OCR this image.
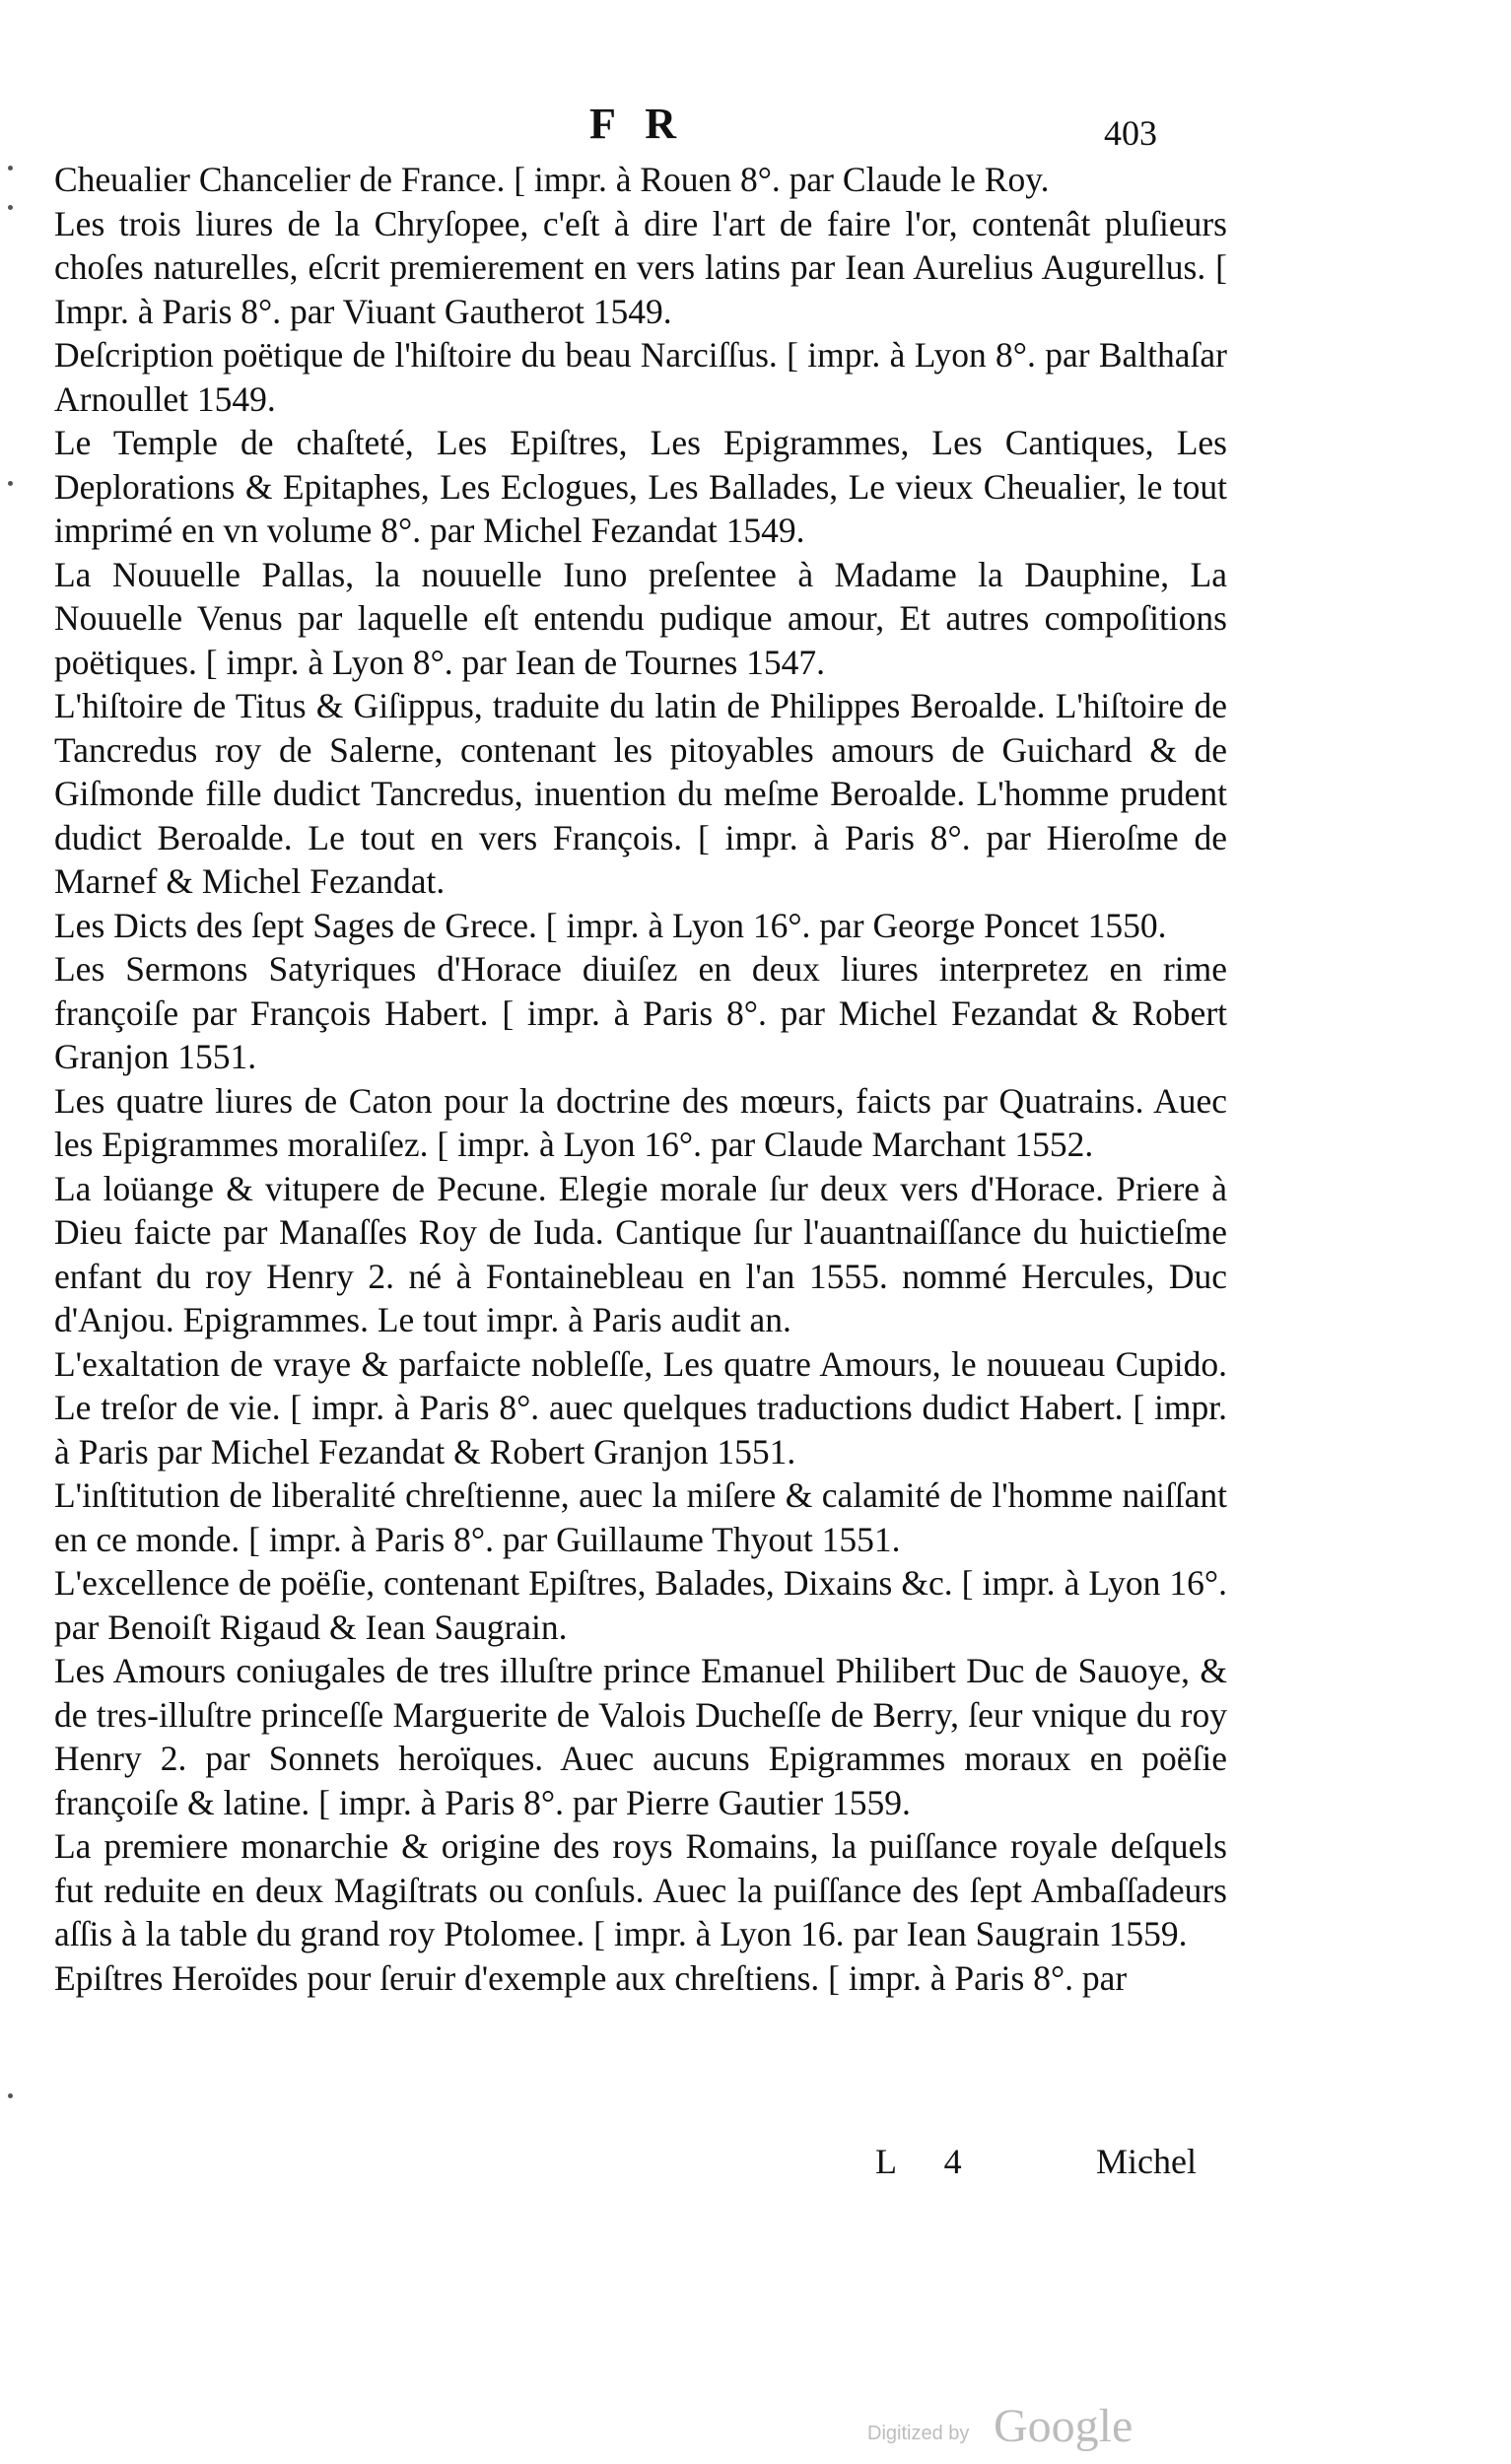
F R	403

Cheualier Chancelier de France. [ impr. à Rouen 8°. par Claude le Roy.

Les trois liures de la Chryſopee, c'eſt à dire l'art de faire l'or, contenât pluſieurs choſes naturelles, eſcrit premierement en vers latins par Iean Aurelius Augurellus. [ Impr. à Paris 8°. par Viuant Gautherot 1549.

Deſcription poëtique de l'hiſtoire du beau Narciſſus. [ impr. à Lyon 8°. par Balthaſar Arnoullet 1549.

Le Temple de chaſteté, Les Epiſtres, Les Epigrammes, Les Cantiques, Les Deplorations & Epitaphes, Les Eclogues, Les Ballades, Le vieux Cheualier, le tout imprimé en vn volume 8°. par Michel Fezandat 1549.

La Nouuelle Pallas, la nouuelle Iuno preſentee à Madame la Dauphine, La Nouuelle Venus par laquelle eſt entendu pudique amour, Et autres compoſitions poëtiques. [ impr. à Lyon 8°. par Iean de Tournes 1547.

L'hiſtoire de Titus & Giſippus, traduite du latin de Philippes Beroalde. L'hiſtoire de Tancredus roy de Salerne, contenant les pitoyables amours de Guichard & de Giſmonde fille dudict Tancredus, inuention du meſme Beroalde. L'homme prudent dudict Beroalde. Le tout en vers François. [ impr. à Paris 8°. par Hieroſme de Marnef & Michel Fezandat.

Les Dicts des ſept Sages de Grece. [ impr. à Lyon 16°. par George Poncet 1550.

Les Sermons Satyriques d'Horace diuiſez en deux liures interpretez en rime françoiſe par François Habert. [ impr. à Paris 8°. par Michel Fezandat & Robert Granjon 1551.

Les quatre liures de Caton pour la doctrine des mœurs, faicts par Quatrains. Auec les Epigrammes moraliſez. [ impr. à Lyon 16°. par Claude Marchant 1552.

La loüange & vitupere de Pecune. Elegie morale ſur deux vers d'Horace. Priere à Dieu faicte par Manaſſes Roy de Iuda. Cantique ſur l'auantnaiſſance du huictieſme enfant du roy Henry 2. né à Fontainebleau en l'an 1555. nommé Hercules, Duc d'Anjou. Epigrammes. Le tout impr. à Paris audit an.

L'exaltation de vraye & parfaicte nobleſſe, Les quatre Amours, le nouueau Cupido. Le treſor de vie. [ impr. à Paris 8°. auec quelques traductions dudict Habert. [ impr. à Paris par Michel Fezandat & Robert Granjon 1551.

L'inſtitution de liberalité chreſtienne, auec la miſere & calamité de l'homme naiſſant en ce monde. [ impr. à Paris 8°. par Guillaume Thyout 1551.

L'excellence de poëſie, contenant Epiſtres, Balades, Dixains &c. [ impr. à Lyon 16°. par Benoiſt Rigaud & Iean Saugrain.

Les Amours coniugales de tres illuſtre prince Emanuel Philibert Duc de Sauoye, & de tres-illuſtre princeſſe Marguerite de Valois Ducheſſe de Berry, ſeur vnique du roy Henry 2. par Sonnets heroïques. Auec aucuns Epigrammes moraux en poëſie françoiſe & latine. [ impr. à Paris 8°. par Pierre Gautier 1559.

La premiere monarchie & origine des roys Romains, la puiſſance royale deſquels fut reduite en deux Magiſtrats ou conſuls. Auec la puiſſance des ſept Ambaſſadeurs aſſis à la table du grand roy Ptolomee. [ impr. à Lyon 16. par Iean Saugrain 1559.

Epiſtres Heroïdes pour ſeruir d'exemple aux chreſtiens. [ impr. à Paris 8°. par

L 4	Michel
Digitized by Google
